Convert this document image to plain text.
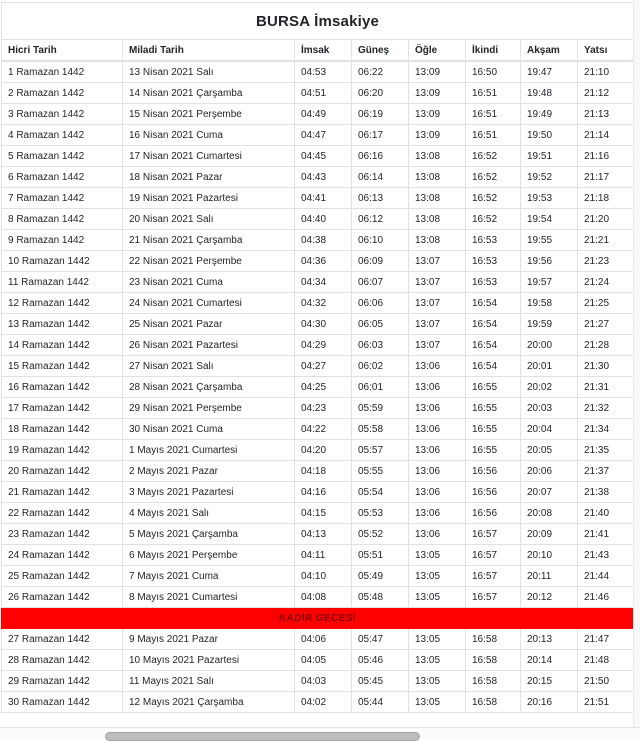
BURSA İmsakiye							
Hicri Tarih	Miladi Tarih	İmsak	Güneş	Öğle	İkindi	Akşam	Yatsı
1 Ramazan 1442	13 Nisan 2021 Salı	04:53	06:22	13:09	16:50	19:47	21:10
2 Ramazan 1442	14 Nisan 2021 Çarşamba	04:51	06:20	13:09	16:51	19:48	21:12
3 Ramazan 1442	15 Nisan 2021 Perşembe	04:49	06:19	13:09	16:51	19:49	21:13
4 Ramazan 1442	16 Nisan 2021 Cuma	04:47	06:17	13:09	16:51	19:50	21:14
5 Ramazan 1442	17 Nisan 2021 Cumartesi	04:45	06:16	13:08	16:52	19:51	21:16
6 Ramazan 1442	18 Nisan 2021 Pazar	04:43	06:14	13:08	16:52	19:52	21:17
7 Ramazan 1442	19 Nisan 2021 Pazartesi	04:41	06:13	13:08	16:52	19:53	21:18
8 Ramazan 1442	20 Nisan 2021 Salı	04:40	06:12	13:08	16:52	19:54	21:20
9 Ramazan 1442	21 Nisan 2021 Çarşamba	04:38	06:10	13:08	16:53	19:55	21:21
10 Ramazan 1442	22 Nisan 2021 Perşembe	04:36	06:09	13:07	16:53	19:56	21:23
11 Ramazan 1442	23 Nisan 2021 Cuma	04:34	06:07	13:07	16:53	19:57	21:24
12 Ramazan 1442	24 Nisan 2021 Cumartesi	04:32	06:06	13:07	16:54	19:58	21:25
13 Ramazan 1442	25 Nisan 2021 Pazar	04:30	06:05	13:07	16:54	19:59	21:27
14 Ramazan 1442	26 Nisan 2021 Pazartesi	04:29	06:03	13:07	16:54	20:00	21:28
15 Ramazan 1442	27 Nisan 2021 Salı	04:27	06:02	13:06	16:54	20:01	21:30
16 Ramazan 1442	28 Nisan 2021 Çarşamba	04:25	06:01	13:06	16:55	20:02	21:31
17 Ramazan 1442	29 Nisan 2021 Perşembe	04:23	05:59	13:06	16:55	20:03	21:32
18 Ramazan 1442	30 Nisan 2021 Cuma	04:22	05:58	13:06	16:55	20:04	21:34
19 Ramazan 1442	1 Mayıs 2021 Cumartesi	04:20	05:57	13:06	16:55	20:05	21:35
20 Ramazan 1442	2 Mayıs 2021 Pazar	04:18	05:55	13:06	16:56	20:06	21:37
21 Ramazan 1442	3 Mayıs 2021 Pazartesi	04:16	05:54	13:06	16:56	20:07	21:38
22 Ramazan 1442	4 Mayıs 2021 Salı	04:15	05:53	13:06	16:56	20:08	21:40
23 Ramazan 1442	5 Mayıs 2021 Çarşamba	04:13	05:52	13:06	16:57	20:09	21:41
24 Ramazan 1442	6 Mayıs 2021 Perşembe	04:11	05:51	13:05	16:57	20:10	21:43
25 Ramazan 1442	7 Mayıs 2021 Cuma	04:10	05:49	13:05	16:57	20:11	21:44
26 Ramazan 1442	8 Mayıs 2021 Cumartesi	04:08	05:48	13:05	16:57	20:12	21:46
KADİR GECESİ							
27 Ramazan 1442	9 Mayıs 2021 Pazar	04:06	05:47	13:05	16:58	20:13	21:47
28 Ramazan 1442	10 Mayıs 2021 Pazartesi	04:05	05:46	13:05	16:58	20:14	21:48
29 Ramazan 1442	11 Mayıs 2021 Salı	04:03	05:45	13:05	16:58	20:15	21:50
30 Ramazan 1442	12 Mayıs 2021 Çarşamba	04:02	05:44	13:05	16:58	20:16	21:51
